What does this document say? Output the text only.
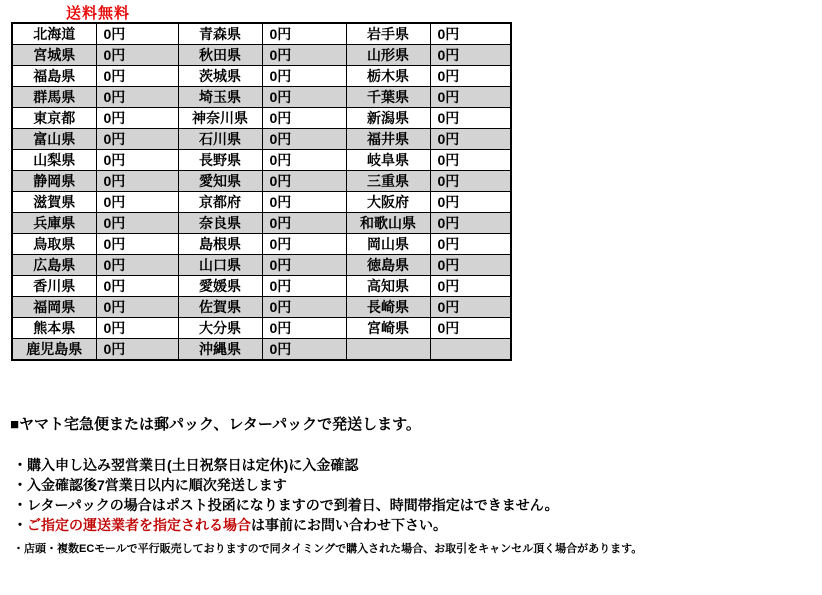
送料無料
北海道	0円	青森県	0円	岩手県	0円
宮城県	0円	秋田県	0円	山形県	0円
福島県	0円	茨城県	0円	栃木県	0円
群馬県	0円	埼玉県	0円	千葉県	0円
東京都	0円	神奈川県	0円	新潟県	0円
富山県	0円	石川県	0円	福井県	0円
山梨県	0円	長野県	0円	岐阜県	0円
静岡県	0円	愛知県	0円	三重県	0円
滋賀県	0円	京都府	0円	大阪府	0円
兵庫県	0円	奈良県	0円	和歌山県	0円
鳥取県	0円	島根県	0円	岡山県	0円
広島県	0円	山口県	0円	徳島県	0円
香川県	0円	愛媛県	0円	高知県	0円
福岡県	0円	佐賀県	0円	長崎県	0円
熊本県	0円	大分県	0円	宮崎県	0円
鹿児島県	0円	沖縄県	0円		

■ヤマト宅急便または郵パック、レターパックで発送します。

・購入申し込み翌営業日(土日祝祭日は定休)に入金確認

・入金確認後7営業日以内に順次発送します

・レターパックの場合はポスト投函になりますので到着日、時間帯指定はできません。

・ご指定の運送業者を指定される場合は事前にお問い合わせ下さい。

・店頭・複数ECモールで平行販売しておりますので同タイミングで購入された場合、お取引をキャンセル頂く場合があります。
